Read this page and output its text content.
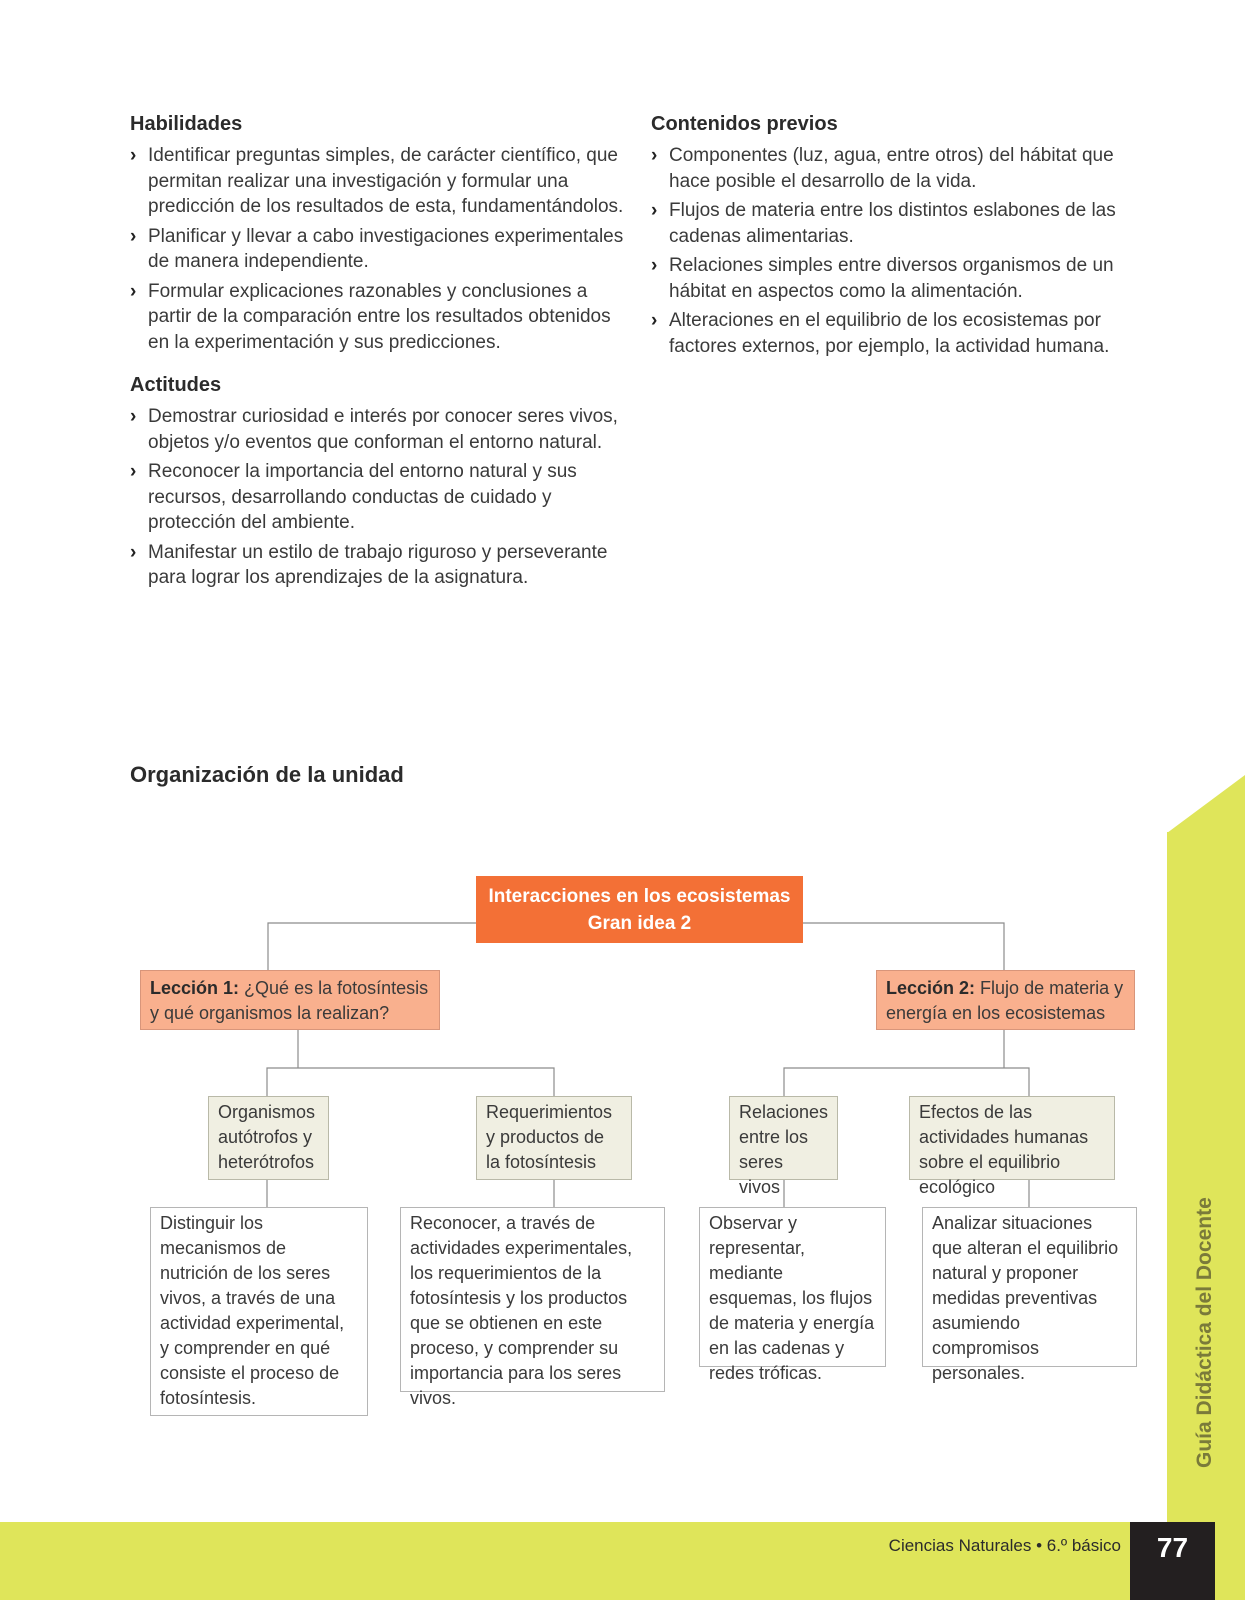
Habilidades
› Identificar preguntas simples, de carácter científico, que permitan realizar una investigación y formular una predicción de los resultados de esta, fundamentándolos.
› Planificar y llevar a cabo investigaciones experimentales de manera independiente.
› Formular explicaciones razonables y conclusiones a partir de la comparación entre los resultados obtenidos en la experimentación y sus predicciones.
Actitudes
› Demostrar curiosidad e interés por conocer seres vivos, objetos y/o eventos que conforman el entorno natural.
› Reconocer la importancia del entorno natural y sus recursos, desarrollando conductas de cuidado y protección del ambiente.
› Manifestar un estilo de trabajo riguroso y perseverante para lograr los aprendizajes de la asignatura.
Contenidos previos
› Componentes (luz, agua, entre otros) del hábitat que hace posible el desarrollo de la vida.
› Flujos de materia entre los distintos eslabones de las cadenas alimentarias.
› Relaciones simples entre diversos organismos de un hábitat en aspectos como la alimentación.
› Alteraciones en el equilibrio de los ecosistemas por factores externos, por ejemplo, la actividad humana.
Organización de la unidad
Interacciones en los ecosistemas
Gran idea 2
Lección 1: ¿Qué es la fotosíntesis y qué organismos la realizan?
Lección 2: Flujo de materia y energía en los ecosistemas
Organismos autótrofos y heterótrofos
Requerimientos y productos de la fotosíntesis
Relaciones entre los seres vivos
Efectos de las actividades humanas sobre el equilibrio ecológico
Distinguir los mecanismos de nutrición de los seres vivos, a través de una actividad experimental, y comprender en qué consiste el proceso de fotosíntesis.
Reconocer, a través de actividades experimentales, los requerimientos de la fotosíntesis y los productos que se obtienen en este proceso, y comprender su importancia para los seres vivos.
Observar y representar, mediante esquemas, los flujos de materia y energía en las cadenas y redes tróficas.
Analizar situaciones que alteran el equilibrio natural y proponer medidas preventivas asumiendo compromisos personales.	Guía Didáctica del Docente
Ciencias Naturales • 6.º básico	77
